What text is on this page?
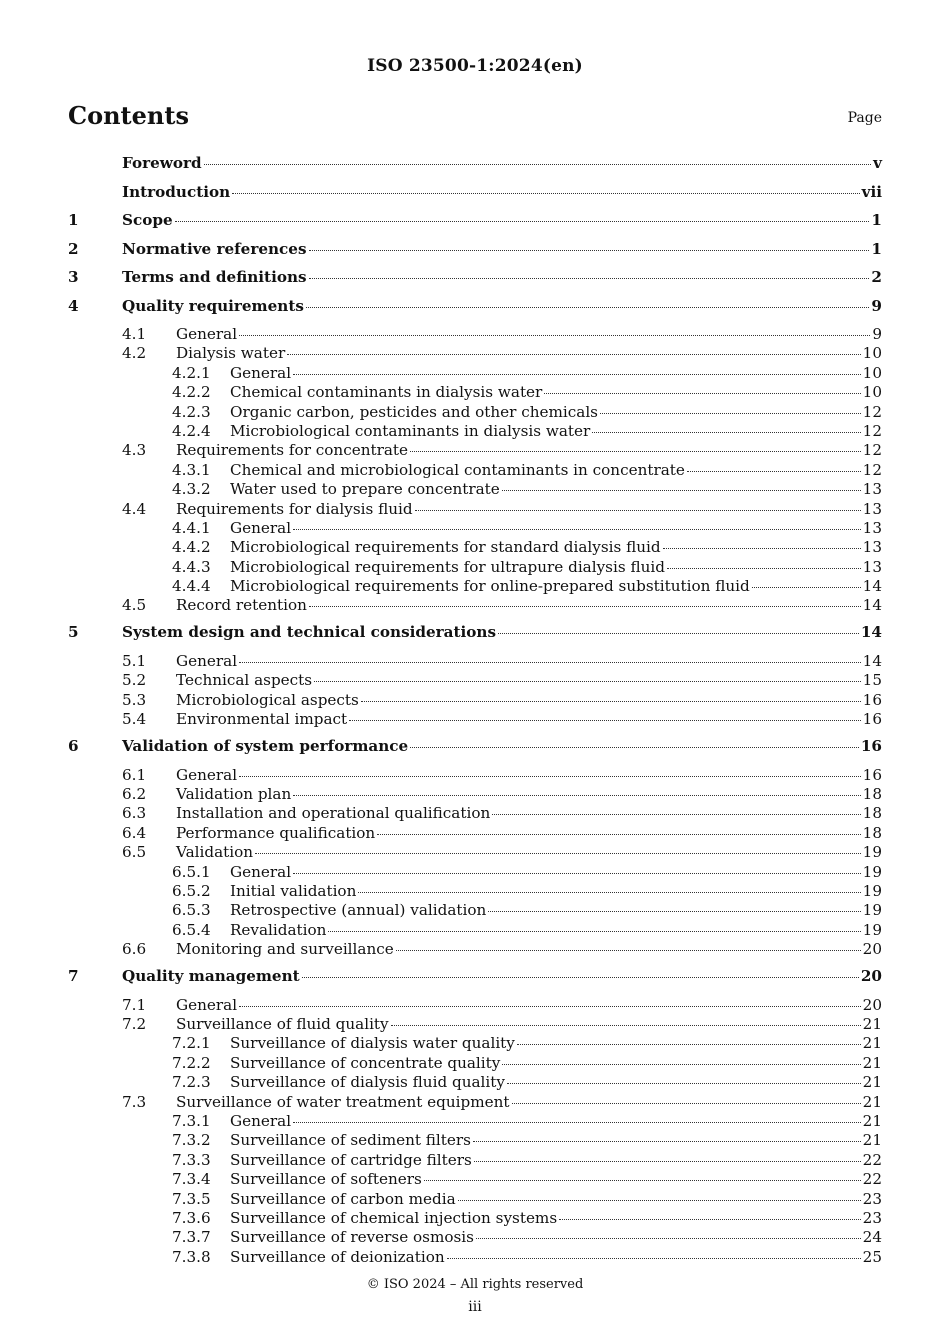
ISO 23500-1:2024(en)
Contents	Page
Foreword	v
Introduction	vii
1	Scope	1
2	Normative references	1
3	Terms and definitions	2
4	Quality requirements	9
4.1	General	9
4.2	Dialysis water	10
4.2.1	General	10
4.2.2	Chemical contaminants in dialysis water	10
4.2.3	Organic carbon, pesticides and other chemicals	12
4.2.4	Microbiological contaminants in dialysis water	12
4.3	Requirements for concentrate	12
4.3.1	Chemical and microbiological contaminants in concentrate	12
4.3.2	Water used to prepare concentrate	13
4.4	Requirements for dialysis fluid	13
4.4.1	General	13
4.4.2	Microbiological requirements for standard dialysis fluid	13
4.4.3	Microbiological requirements for ultrapure dialysis fluid	13
4.4.4	Microbiological requirements for online-prepared substitution fluid	14
4.5	Record retention	14
5	System design and technical considerations	14
5.1	General	14
5.2	Technical aspects	15
5.3	Microbiological aspects	16
5.4	Environmental impact	16
6	Validation of system performance	16
6.1	General	16
6.2	Validation plan	18
6.3	Installation and operational qualification	18
6.4	Performance qualification	18
6.5	Validation	19
6.5.1	General	19
6.5.2	Initial validation	19
6.5.3	Retrospective (annual) validation	19
6.5.4	Revalidation	19
6.6	Monitoring and surveillance	20
7	Quality management	20
7.1	General	20
7.2	Surveillance of fluid quality	21
7.2.1	Surveillance of dialysis water quality	21
7.2.2	Surveillance of concentrate quality	21
7.2.3	Surveillance of dialysis fluid quality	21
7.3	Surveillance of water treatment equipment	21
7.3.1	General	21
7.3.2	Surveillance of sediment filters	21
7.3.3	Surveillance of cartridge filters	22
7.3.4	Surveillance of softeners	22
7.3.5	Surveillance of carbon media	23
7.3.6	Surveillance of chemical injection systems	23
7.3.7	Surveillance of reverse osmosis	24
7.3.8	Surveillance of deionization	25
© ISO 2024 – All rights reserved
iii
